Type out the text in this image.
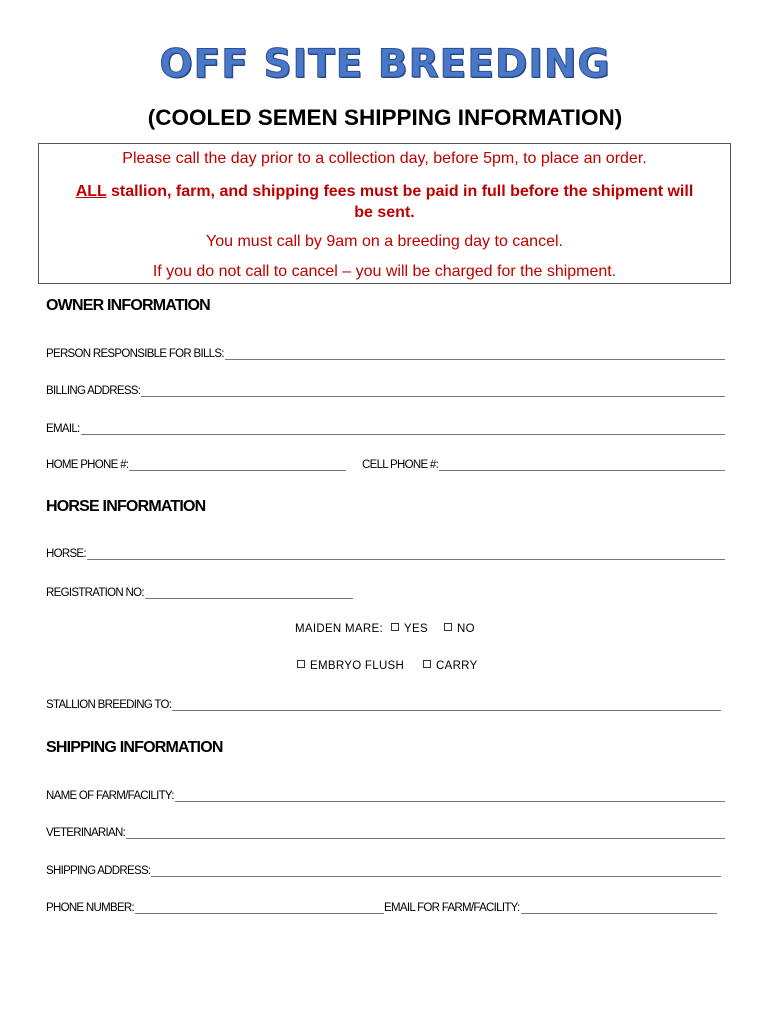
OFF SITE BREEDING
(COOLED SEMEN SHIPPING INFORMATION)
Please call the day prior to a collection day, before 5pm, to place an order.
ALL stallion, farm, and shipping fees must be paid in full before the shipment will be sent.
You must call by 9am on a breeding day to cancel.
If you do not call to cancel – you will be charged for the shipment.
OWNER INFORMATION
PERSON RESPONSIBLE FOR BILLS:
BILLING ADDRESS:
EMAIL:
HOME PHONE #:	CELL PHONE #:
HORSE INFORMATION
HORSE:
REGISTRATION NO:
MAIDEN MARE:	YES	NO
EMBRYO FLUSH	CARRY
STALLION BREEDING TO:
SHIPPING INFORMATION
NAME OF FARM/FACILITY:
VETERINARIAN:
SHIPPING ADDRESS:
PHONE NUMBER:	EMAIL FOR FARM/FACILITY:
